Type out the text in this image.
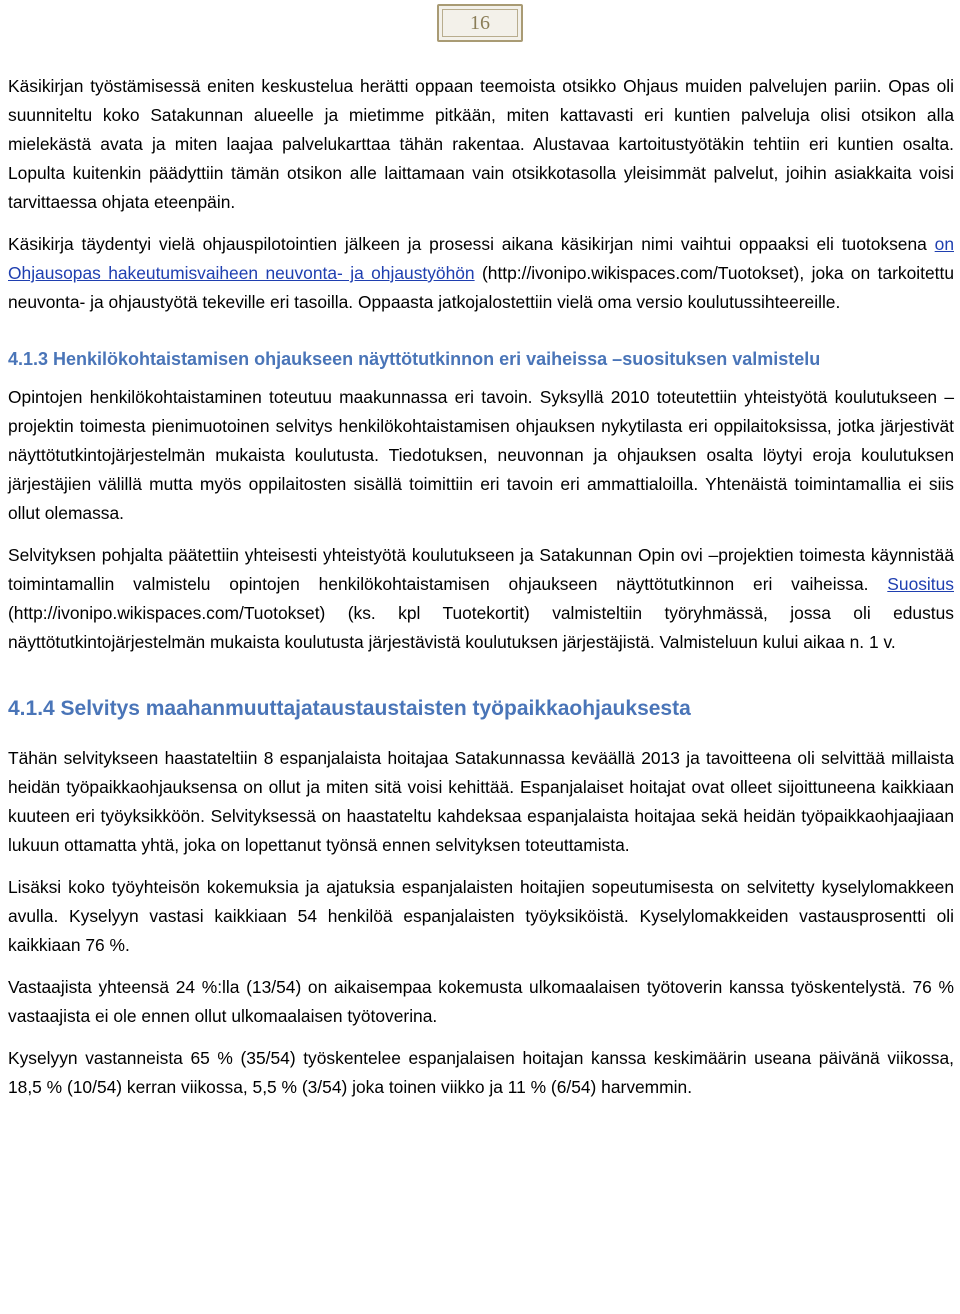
16

Käsikirjan työstämisessä eniten keskustelua herätti oppaan teemoista otsikko Ohjaus muiden palvelujen pariin. Opas oli suunniteltu koko Satakunnan alueelle ja mietimme pitkään, miten kattavasti eri kuntien palveluja olisi otsikon alla mielekästä avata ja miten laajaa palvelukarttaa tähän rakentaa. Alustavaa kartoitustyötäkin tehtiin eri kuntien osalta. Lopulta kuitenkin päädyttiin tämän otsikon alle laittamaan vain otsikkotasolla yleisimmät palvelut, joihin asiakkaita voisi tarvittaessa ohjata eteenpäin.

Käsikirja täydentyi vielä ohjauspilotointien jälkeen ja prosessi aikana käsikirjan nimi vaihtui oppaaksi eli tuotoksena on Ohjausopas hakeutumisvaiheen neuvonta- ja ohjaustyöhön (http://ivonipo.wikispaces.com/Tuotokset), joka on tarkoitettu neuvonta- ja ohjaustyötä tekeville eri tasoilla. Oppaasta jatkojalostettiin vielä oma versio koulutussihteereille.

4.1.3 Henkilökohtaistamisen ohjaukseen näyttötutkinnon eri vaiheissa –suosituksen valmistelu

Opintojen henkilökohtaistaminen toteutuu maakunnassa eri tavoin. Syksyllä 2010 toteutettiin yhteistyötä koulutukseen –projektin toimesta pienimuotoinen selvitys henkilökohtaistamisen ohjauksen nykytilasta eri oppilaitoksissa, jotka järjestivät näyttötutkintojärjestelmän mukaista koulutusta. Tiedotuksen, neuvonnan ja ohjauksen osalta löytyi eroja koulutuksen järjestäjien välillä mutta myös oppilaitosten sisällä toimittiin eri tavoin eri ammattialoilla. Yhtenäistä toimintamallia ei siis ollut olemassa.

Selvityksen pohjalta päätettiin yhteisesti yhteistyötä koulutukseen ja Satakunnan Opin ovi –projektien toimesta käynnistää toimintamallin valmistelu opintojen henkilökohtaistamisen ohjaukseen näyttötutkinnon eri vaiheissa. Suositus (http://ivonipo.wikispaces.com/Tuotokset) (ks. kpl Tuotekortit) valmisteltiin työryhmässä, jossa oli edustus näyttötutkintojärjestelmän mukaista koulutusta järjestävistä koulutuksen järjestäjistä. Valmisteluun kului aikaa n. 1 v.

4.1.4 Selvitys maahanmuuttajataustaustaisten työpaikkaohjauksesta

Tähän selvitykseen haastateltiin 8 espanjalaista hoitajaa Satakunnassa keväällä 2013 ja tavoitteena oli selvittää millaista heidän työpaikkaohjauksensa on ollut ja miten sitä voisi kehittää. Espanjalaiset hoitajat ovat olleet sijoittuneena kaikkiaan kuuteen eri työyksikköön. Selvityksessä on haastateltu kahdeksaa espanjalaista hoitajaa sekä heidän työpaikkaohjaajiaan lukuun ottamatta yhtä, joka on lopettanut työnsä ennen selvityksen toteuttamista.

Lisäksi koko työyhteisön kokemuksia ja ajatuksia espanjalaisten hoitajien sopeutumisesta on selvitetty kyselylomakkeen avulla. Kyselyyn vastasi kaikkiaan 54 henkilöä espanjalaisten työyksiköistä. Kyselylomakkeiden vastausprosentti oli kaikkiaan 76 %.

Vastaajista yhteensä 24 %:lla (13/54) on aikaisempaa kokemusta ulkomaalaisen työtoverin kanssa työskentelystä. 76 % vastaajista ei ole ennen ollut ulkomaalaisen työtoverina.

Kyselyyn vastanneista 65 % (35/54) työskentelee espanjalaisen hoitajan kanssa keskimäärin useana päivänä viikossa, 18,5 % (10/54) kerran viikossa, 5,5 % (3/54) joka toinen viikko ja 11 % (6/54) harvemmin.
